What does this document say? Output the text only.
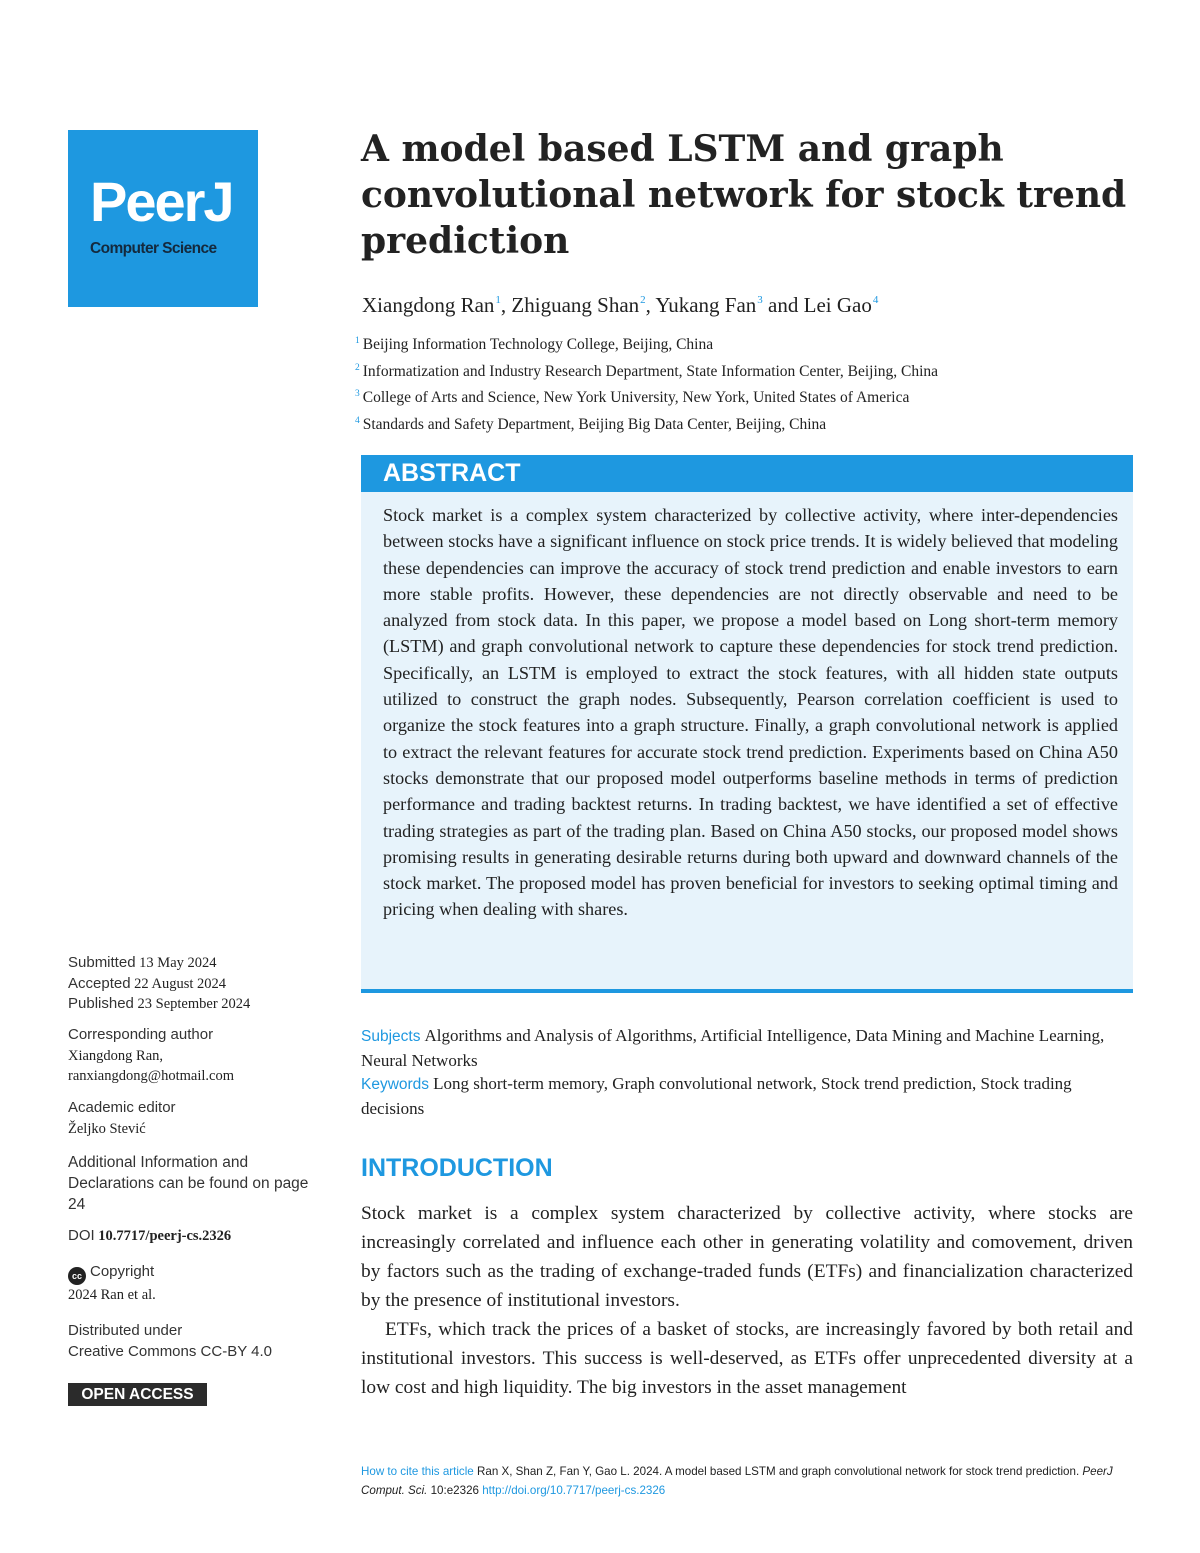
PeerJ
Computer Science
A model based LSTM and graph convolutional network for stock trend prediction
Xiangdong Ran$^1$, Zhiguang Shan$^2$, Yukang Fan$^3$ and Lei Gao$^4$
$^1$ Beijing Information Technology College, Beijing, China
$^2$ Informatization and Industry Research Department, State Information Center, Beijing, China
$^3$ College of Arts and Science, New York University, New York, United States of America
$^4$ Standards and Safety Department, Beijing Big Data Center, Beijing, China
ABSTRACT
Stock market is a complex system characterized by collective activity, where inter-dependencies between stocks have a significant influence on stock price trends. It is widely believed that modeling these dependencies can improve the accuracy of stock trend prediction and enable investors to earn more stable profits. However, these dependencies are not directly observable and need to be analyzed from stock data. In this paper, we propose a model based on Long short-term memory (LSTM) and graph convolutional network to capture these dependencies for stock trend prediction. Specifically, an LSTM is employed to extract the stock features, with all hidden state outputs utilized to construct the graph nodes. Subsequently, Pearson correlation coefficient is used to organize the stock features into a graph structure. Finally, a graph convolutional network is applied to extract the relevant features for accurate stock trend prediction. Experiments based on China A50 stocks demonstrate that our proposed model outperforms baseline methods in terms of prediction performance and trading backtest returns. In trading backtest, we have identified a set of effective trading strategies as part of the trading plan. Based on China A50 stocks, our proposed model shows promising results in generating desirable returns during both upward and downward channels of the stock market. The proposed model has proven beneficial for investors to seeking optimal timing and pricing when dealing with shares.
Subjects Algorithms and Analysis of Algorithms, Artificial Intelligence, Data Mining and Machine Learning, Neural Networks
Keywords Long short-term memory, Graph convolutional network, Stock trend prediction, Stock trading decisions
INTRODUCTION

Stock market is a complex system characterized by collective activity, where stocks are increasingly correlated and influence each other in generating volatility and comovement, driven by factors such as the trading of exchange-traded funds (ETFs) and financialization characterized by the presence of institutional investors.

ETFs, which track the prices of a basket of stocks, are increasingly favored by both retail and institutional investors. This success is well-deserved, as ETFs offer unprecedented diversity at a low cost and high liquidity. The big investors in the asset management

Submitted 13 May 2024
Accepted 22 August 2024
Published 23 September 2024
Corresponding author
Xiangdong Ran,
ranxiangdong@hotmail.com
Academic editor
Željko Stević
Additional Information and Declarations can be found on page 24
DOI 10.7717/peerj-cs.2326
cc Copyright
2024 Ran et al.
Distributed under
Creative Commons CC-BY 4.0
OPEN ACCESS
How to cite this article Ran X, Shan Z, Fan Y, Gao L. 2024. A model based LSTM and graph convolutional network for stock trend prediction. PeerJ Comput. Sci. 10:e2326 http://doi.org/10.7717/peerj-cs.2326
